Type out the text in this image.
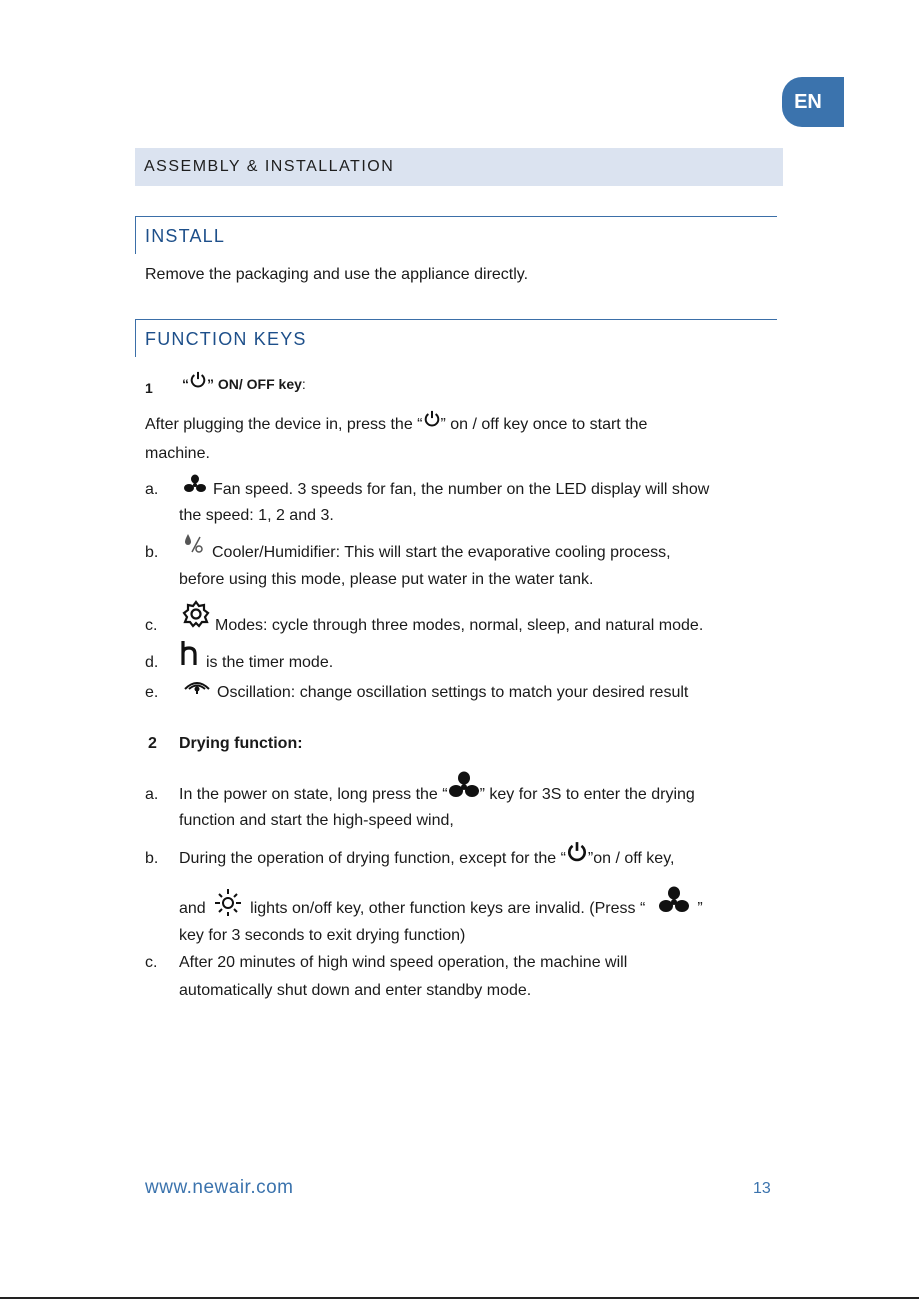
EN
ASSEMBLY & INSTALLATION
INSTALL
Remove the packaging and use the appliance directly.
FUNCTION KEYS
1 “ ” ON/ OFF key:
After plugging the device in, press the “ ” on / off key once to start the
machine.
a.	Fan speed. 3 speeds for fan, the number on the LED display will show
the speed: 1, 2 and 3.
b.	Cooler/Humidifier: This will start the evaporative cooling process,
before using this mode, please put water in the water tank.
c.	Modes: cycle through three modes, normal, sleep, and natural mode.
d.	is the timer mode.
e.	Oscillation: change oscillation settings to match your desired result
2 Drying function:
a. In the power on state, long press the “ ” key for 3S to enter the drying
function and start the high-speed wind,
b. During the operation of drying function, except for the “ ”on / off key,
and	lights on/off key, other function keys are invalid. (Press “	”
key for 3 seconds to exit drying function)
c. After 20 minutes of high wind speed operation, the machine will
automatically shut down and enter standby mode.
www.newair.com	13
